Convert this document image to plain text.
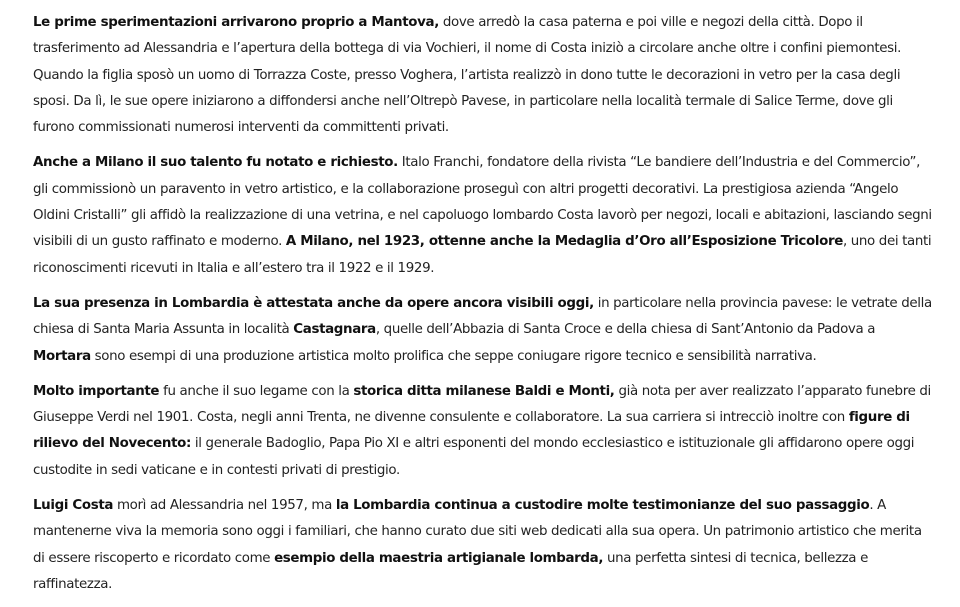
Le prime sperimentazioni arrivarono proprio a Mantova, dove arredò la casa paterna e poi ville e negozi della città. Dopo il trasferimento ad Alessandria e l’apertura della bottega di via Vochieri, il nome di Costa iniziò a circolare anche oltre i confini piemontesi. Quando la figlia sposò un uomo di Torrazza Coste, presso Voghera, l’artista realizzò in dono tutte le decorazioni in vetro per la casa degli sposi. Da lì, le sue opere iniziarono a diffondersi anche nell’Oltrepò Pavese, in particolare nella località termale di Salice Terme, dove gli furono commissionati numerosi interventi da committenti privati.

Anche a Milano il suo talento fu notato e richiesto. Italo Franchi, fondatore della rivista “Le bandiere dell’Industria e del Commercio”, gli commissionò un paravento in vetro artistico, e la collaborazione proseguì con altri progetti decorativi. La prestigiosa azienda “Angelo Oldini Cristalli” gli affidò la realizzazione di una vetrina, e nel capoluogo lombardo Costa lavorò per negozi, locali e abitazioni, lasciando segni visibili di un gusto raffinato e moderno. A Milano, nel 1923, ottenne anche la Medaglia d’Oro all’Esposizione Tricolore, uno dei tanti riconoscimenti ricevuti in Italia e all’estero tra il 1922 e il 1929.

La sua presenza in Lombardia è attestata anche da opere ancora visibili oggi, in particolare nella provincia pavese: le vetrate della chiesa di Santa Maria Assunta in località Castagnara, quelle dell’Abbazia di Santa Croce e della chiesa di Sant’Antonio da Padova a Mortara sono esempi di una produzione artistica molto prolifica che seppe coniugare rigore tecnico e sensibilità narrativa.

Molto importante fu anche il suo legame con la storica ditta milanese Baldi e Monti, già nota per aver realizzato l’apparato funebre di Giuseppe Verdi nel 1901. Costa, negli anni Trenta, ne divenne consulente e collaboratore. La sua carriera si intrecciò inoltre con figure di rilievo del Novecento: il generale Badoglio, Papa Pio XI e altri esponenti del mondo ecclesiastico e istituzionale gli affidarono opere oggi custodite in sedi vaticane e in contesti privati di prestigio.

Luigi Costa morì ad Alessandria nel 1957, ma la Lombardia continua a custodire molte testimonianze del suo passaggio. A mantenerne viva la memoria sono oggi i familiari, che hanno curato due siti web dedicati alla sua opera. Un patrimonio artistico che merita di essere riscoperto e ricordato come esempio della maestria artigianale lombarda, una perfetta sintesi di tecnica, bellezza e raffinatezza.
